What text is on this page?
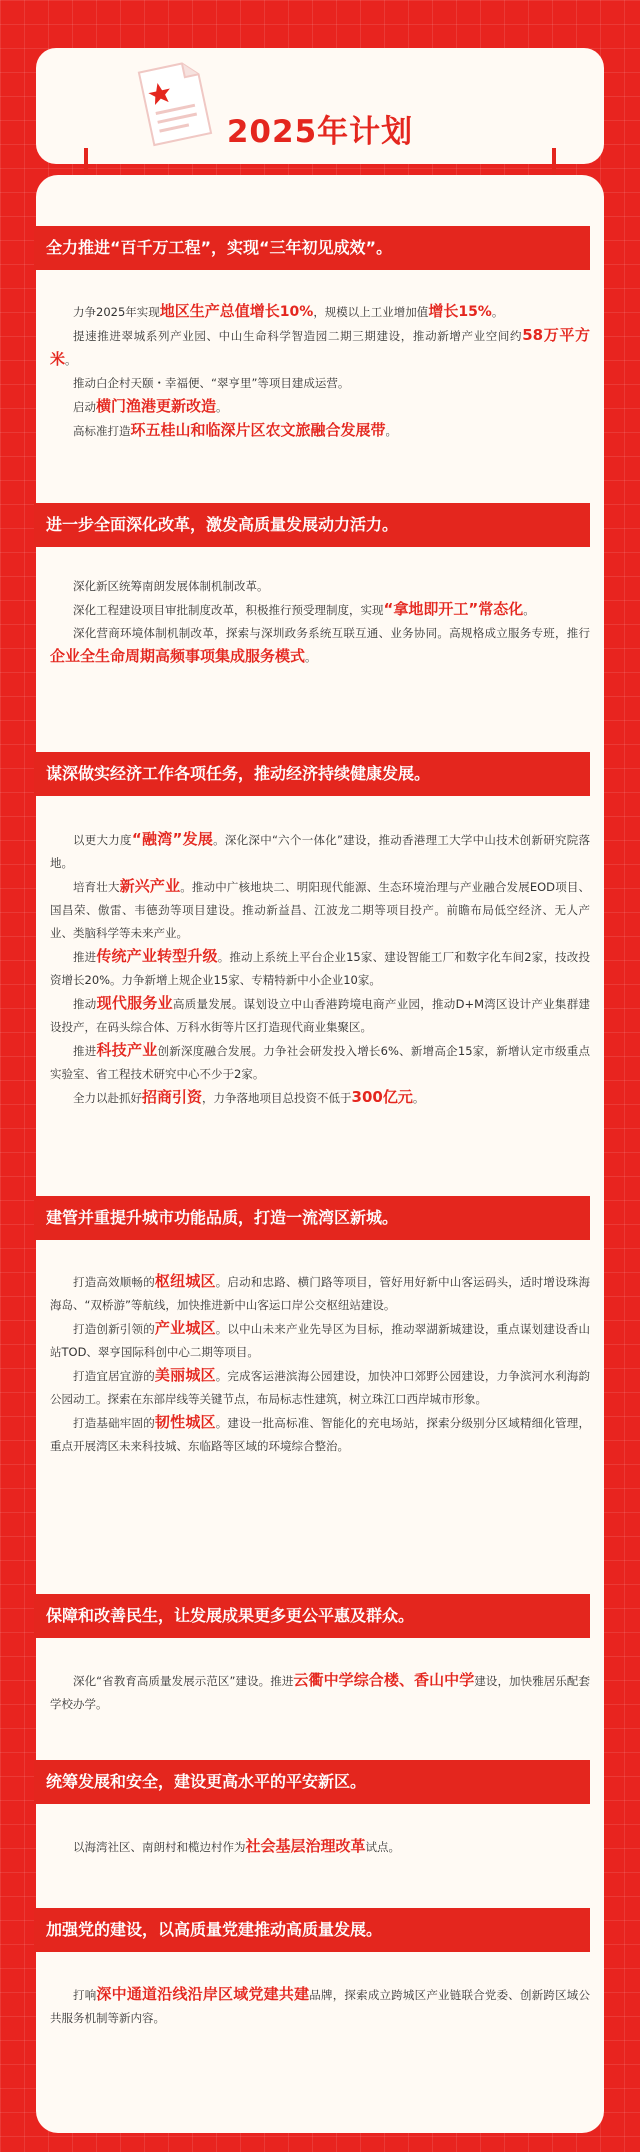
2025年计划
全力推进“百千万工程”，实现“三年初见成效”。

力争2025年实现地区生产总值增长10%，规模以上工业增加值增长15%。

提速推进翠城系列产业园、中山生命科学智造园二期三期建设，推动新增产业空间约58万平方米。

推动白企村天颐・幸福便、“翠亨里”等项目建成运营。

启动横门渔港更新改造。

高标准打造环五桂山和临深片区农文旅融合发展带。

进一步全面深化改革，激发高质量发展动力活力。

深化新区统筹南朗发展体制机制改革。

深化工程建设项目审批制度改革，积极推行预受理制度，实现“拿地即开工”常态化。

深化营商环境体制机制改革，探索与深圳政务系统互联互通、业务协同。高规格成立服务专班，推行企业全生命周期高频事项集成服务模式。

谋深做实经济工作各项任务，推动经济持续健康发展。

以更大力度“融湾”发展。深化深中“六个一体化”建设，推动香港理工大学中山技术创新研究院落地。

培育壮大新兴产业。推动中广核地块二、明阳现代能源、生态环境治理与产业融合发展EOD项目、国昌荣、傲雷、韦德劲等项目建设。推动新益昌、江波龙二期等项目投产。前瞻布局低空经济、无人产业、类脑科学等未来产业。

推进传统产业转型升级。推动上系统上平台企业15家、建设智能工厂和数字化车间2家，技改投资增长20%。力争新增上规企业15家、专精特新中小企业10家。

推动现代服务业高质量发展。谋划设立中山香港跨境电商产业园，推动D+M湾区设计产业集群建设投产，在码头综合体、万科水街等片区打造现代商业集聚区。

推进科技产业创新深度融合发展。力争社会研发投入增长6%、新增高企15家，新增认定市级重点实验室、省工程技术研究中心不少于2家。

全力以赴抓好招商引资，力争落地项目总投资不低于300亿元。

建管并重提升城市功能品质，打造一流湾区新城。

打造高效顺畅的枢纽城区。启动和忠路、横门路等项目，管好用好新中山客运码头，适时增设珠海海岛、“双桥游”等航线，加快推进新中山客运口岸公交枢纽站建设。

打造创新引领的产业城区。以中山未来产业先导区为目标，推动翠湖新城建设，重点谋划建设香山站TOD、翠亨国际科创中心二期等项目。

打造宜居宜游的美丽城区。完成客运港滨海公园建设，加快冲口郊野公园建设，力争滨河水利海韵公园动工。探索在东部岸线等关键节点，布局标志性建筑，树立珠江口西岸城市形象。

打造基础牢固的韧性城区。建设一批高标准、智能化的充电场站，探索分级别分区域精细化管理，重点开展湾区未来科技城、东临路等区域的环境综合整治。

保障和改善民生，让发展成果更多更公平惠及群众。

深化“省教育高质量发展示范区”建设。推进云衢中学综合楼、香山中学建设，加快雅居乐配套学校办学。

统筹发展和安全，建设更高水平的平安新区。

以海湾社区、南朗村和榄边村作为社会基层治理改革试点。

加强党的建设，以高质量党建推动高质量发展。

打响深中通道沿线沿岸区域党建共建品牌，探索成立跨城区产业链联合党委、创新跨区域公共服务机制等新内容。
